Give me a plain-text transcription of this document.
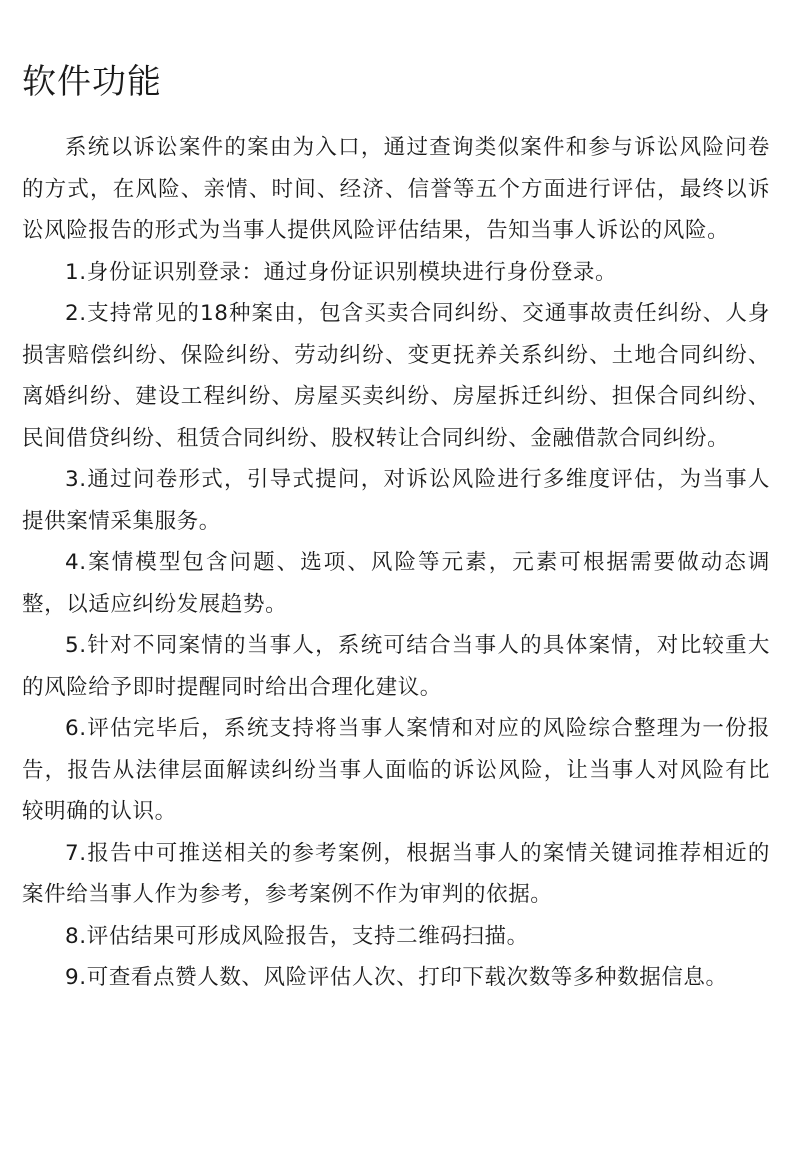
软件功能

系统以诉讼案件的案由为入口，通过查询类似案件和参与诉讼风险问卷的方式，在风险、亲情、时间、经济、信誉等五个方面进行评估，最终以诉讼风险报告的形式为当事人提供风险评估结果，告知当事人诉讼的风险。

1.身份证识别登录：通过身份证识别模块进行身份登录。

2.支持常见的18种案由，包含买卖合同纠纷、交通事故责任纠纷、人身损害赔偿纠纷、保险纠纷、劳动纠纷、变更抚养关系纠纷、土地合同纠纷、离婚纠纷、建设工程纠纷、房屋买卖纠纷、房屋拆迁纠纷、担保合同纠纷、民间借贷纠纷、租赁合同纠纷、股权转让合同纠纷、金融借款合同纠纷。

3.通过问卷形式，引导式提问，对诉讼风险进行多维度评估，为当事人提供案情采集服务。

4.案情模型包含问题、选项、风险等元素，元素可根据需要做动态调整，以适应纠纷发展趋势。

5.针对不同案情的当事人，系统可结合当事人的具体案情，对比较重大的风险给予即时提醒同时给出合理化建议。

6.评估完毕后，系统支持将当事人案情和对应的风险综合整理为一份报告，报告从法律层面解读纠纷当事人面临的诉讼风险，让当事人对风险有比较明确的认识。

7.报告中可推送相关的参考案例，根据当事人的案情关键词推荐相近的案件给当事人作为参考，参考案例不作为审判的依据。

8.评估结果可形成风险报告，支持二维码扫描。

9.可查看点赞人数、风险评估人次、打印下载次数等多种数据信息。
